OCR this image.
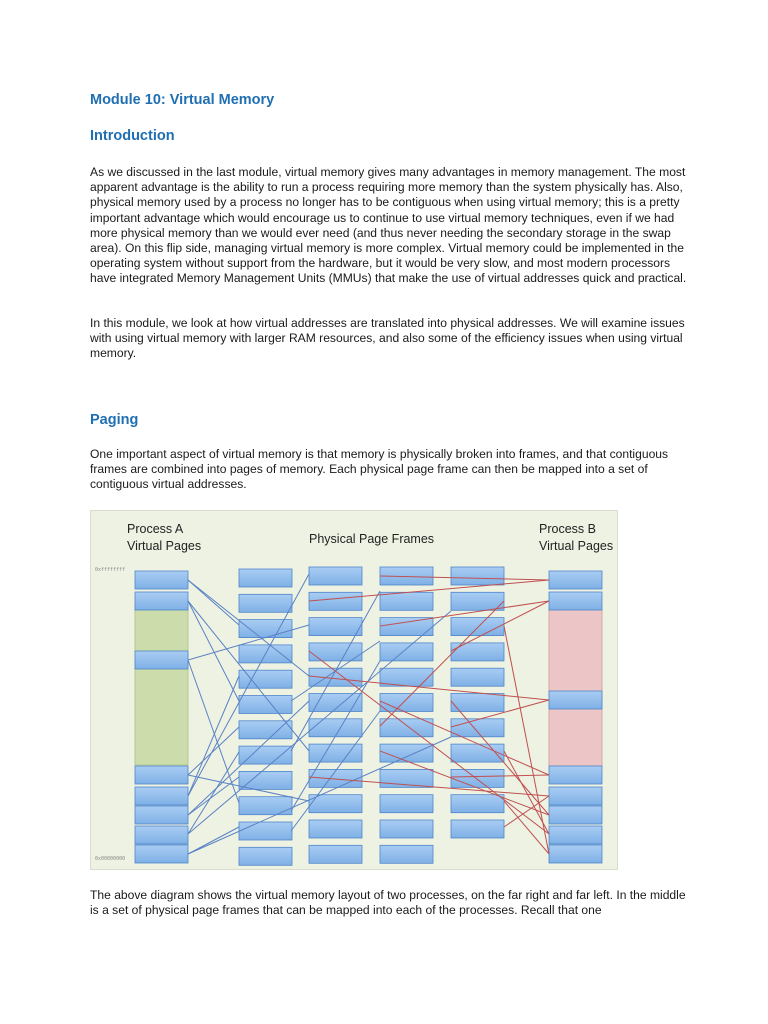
Module 10: Virtual Memory
Introduction

As we discussed in the last module, virtual memory gives many advantages in memory management. The most apparent advantage is the ability to run a process requiring more memory than the system physically has. Also, physical memory used by a process no longer has to be contiguous when using virtual memory; this is a pretty important advantage which would encourage us to continue to use virtual memory techniques, even if we had more physical memory than we would ever need (and thus never needing the secondary storage in the swap area). On this flip side, managing virtual memory is more complex. Virtual memory could be implemented in the operating system without support from the hardware, but it would be very slow, and most modern processors have integrated Memory Management Units (MMUs) that make the use of virtual addresses quick and practical.

In this module, we look at how virtual addresses are translated into physical addresses. We will examine issues with using virtual memory with larger RAM resources, and also some of the efficiency issues when using virtual memory.

Paging

One important aspect of virtual memory is that memory is physically broken into frames, and that contiguous frames are combined into pages of memory. Each physical page frame can then be mapped into a set of contiguous virtual addresses.

Process A

Virtual Pages	Physical Page Frames

Process B

Virtual Pages

0xffffffff
0x00000000

The above diagram shows the virtual memory layout of two processes, on the far right and far left. In the middle is a set of physical page frames that can be mapped into each of the processes. Recall that one
